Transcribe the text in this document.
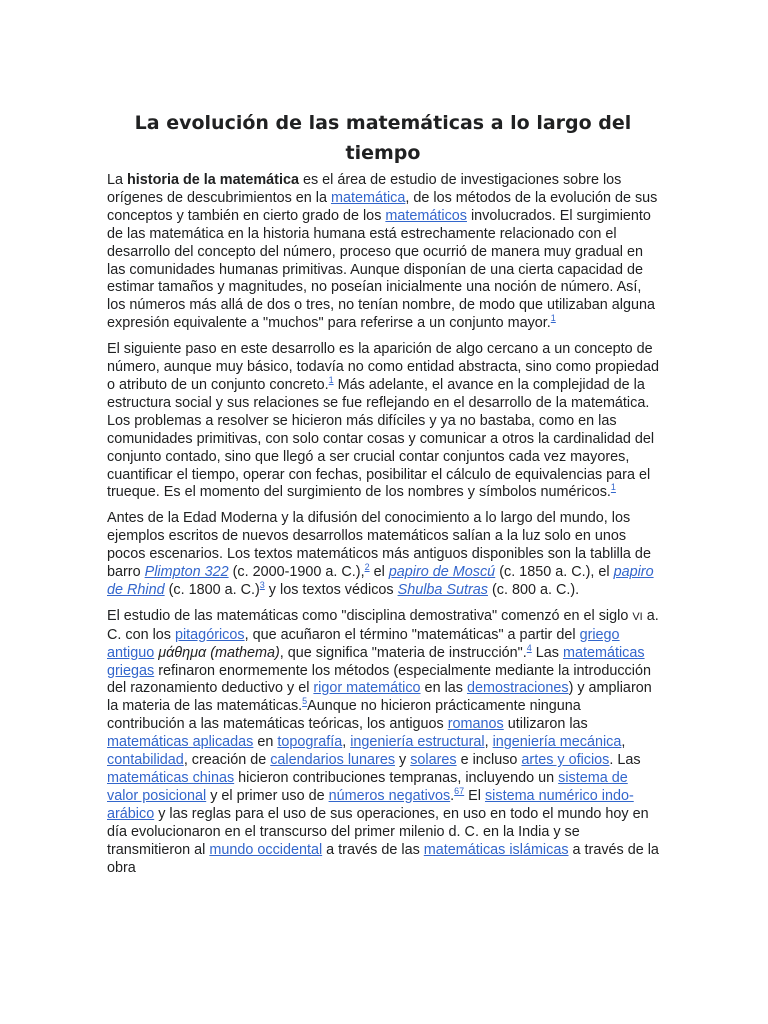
La evolución de las matemáticas a lo largo del tiempo

La historia de la matemática es el área de estudio de investigaciones sobre los orígenes de descubrimientos en la matemática, de los métodos de la evolución de sus conceptos y también en cierto grado de los matemáticos involucrados. El surgimiento de las matemática en la historia humana está estrechamente relacionado con el desarrollo del concepto del número, proceso que ocurrió de manera muy gradual en las comunidades humanas primitivas. Aunque disponían de una cierta capacidad de estimar tamaños y magnitudes, no poseían inicialmente una noción de número. Así, los números más allá de dos o tres, no tenían nombre, de modo que utilizaban alguna expresión equivalente a "muchos" para referirse a un conjunto mayor.$^1$

El siguiente paso en este desarrollo es la aparición de algo cercano a un concepto de número, aunque muy básico, todavía no como entidad abstracta, sino como propiedad o atributo de un conjunto concreto.$^1$ Más adelante, el avance en la complejidad de la estructura social y sus relaciones se fue reflejando en el desarrollo de la matemática. Los problemas a resolver se hicieron más difíciles y ya no bastaba, como en las comunidades primitivas, con solo contar cosas y comunicar a otros la cardinalidad del conjunto contado, sino que llegó a ser crucial contar conjuntos cada vez mayores, cuantificar el tiempo, operar con fechas, posibilitar el cálculo de equivalencias para el trueque. Es el momento del surgimiento de los nombres y símbolos numéricos.$^1$

Antes de la Edad Moderna y la difusión del conocimiento a lo largo del mundo, los ejemplos escritos de nuevos desarrollos matemáticos salían a la luz solo en unos pocos escenarios. Los textos matemáticos más antiguos disponibles son la tablilla de barro Plimpton 322 (c. 2000-1900 a. C.),$^2$ el papiro de Moscú (c. 1850 a. C.), el papiro de Rhind (c. 1800 a. C.)$^3$ y los textos védicos Shulba Sutras (c. 800 a. C.).

El estudio de las matemáticas como "disciplina demostrativa" comenzó en el siglo VI a. C. con los pitagóricos, que acuñaron el término "matemáticas" a partir del griego antiguo μάθημα (mathema), que significa "materia de instrucción".$^4$ Las matemáticas griegas refinaron enormemente los métodos (especialmente mediante la introducción del razonamiento deductivo y el rigor matemático en las demostraciones) y ampliaron la materia de las matemáticas.$^5$Aunque no hicieron prácticamente ninguna contribución a las matemáticas teóricas, los antiguos romanos utilizaron las matemáticas aplicadas en topografía, ingeniería estructural, ingeniería mecánica, contabilidad, creación de calendarios lunares y solares e incluso artes y oficios. Las matemáticas chinas hicieron contribuciones tempranas, incluyendo un sistema de valor posicional y el primer uso de números negativos.$^{67}$ El sistema numérico indo-arábico y las reglas para el uso de sus operaciones, en uso en todo el mundo hoy en día evolucionaron en el transcurso del primer milenio d. C. en la India y se transmitieron al mundo occidental a través de las matemáticas islámicas a través de la obra
